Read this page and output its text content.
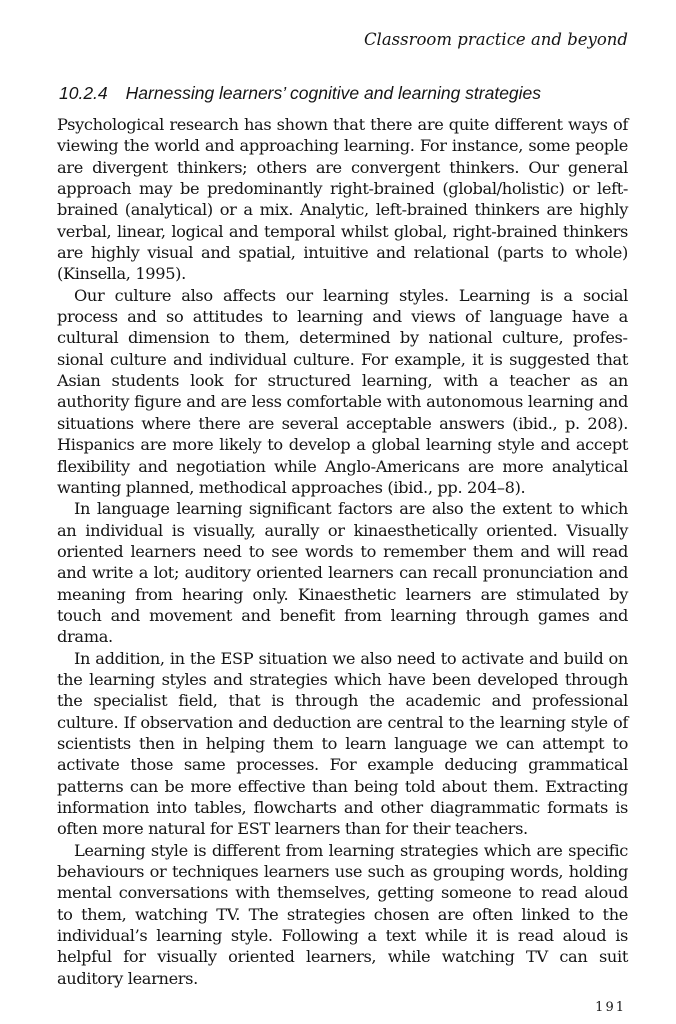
Classroom practice and beyond
10.2.4 Harnessing learners’ cognitive and learning strategies

Psychological research has shown that there are quite different ways of viewing the world and approaching learning. For instance, some people are divergent thinkers; others are convergent thinkers. Our general approach may be predominantly right-brained (global/holistic) or left-brained (analytical) or a mix. Analytic, left-brained thinkers are highly verbal, linear, logical and temporal whilst global, right-brained thinkers are highly visual and spatial, intuitive and relational (parts to whole) (Kinsella, 1995).

Our culture also affects our learning styles. Learning is a social process and so attitudes to learning and views of language have a cultural dimension to them, determined by national culture, professional culture and individual culture. For example, it is suggested that Asian students look for structured learning, with a teacher as an authority figure and are less comfortable with autonomous learning and situations where there are several acceptable answers (ibid., p. 208). Hispanics are more likely to develop a global learning style and accept flexibility and negotiation while Anglo-Americans are more analytical wanting planned, methodical approaches (ibid., pp. 204–8).

In language learning significant factors are also the extent to which an individual is visually, aurally or kinaesthetically oriented. Visually oriented learners need to see words to remember them and will read and write a lot; auditory oriented learners can recall pronunciation and meaning from hearing only. Kinaesthetic learners are stimulated by touch and movement and benefit from learning through games and drama.

In addition, in the ESP situation we also need to activate and build on the learning styles and strategies which have been developed through the specialist field, that is through the academic and professional culture. If observation and deduction are central to the learning style of scientists then in helping them to learn language we can attempt to activate those same processes. For example deducing grammatical patterns can be more effective than being told about them. Extracting information into tables, flowcharts and other diagrammatic formats is often more natural for EST learners than for their teachers.

Learning style is different from learning strategies which are specific behaviours or techniques learners use such as grouping words, holding mental conversations with themselves, getting someone to read aloud to them, watching TV. The strategies chosen are often linked to the individual’s learning style. Following a text while it is read aloud is helpful for visually oriented learners, while watching TV can suit auditory learners.

191
